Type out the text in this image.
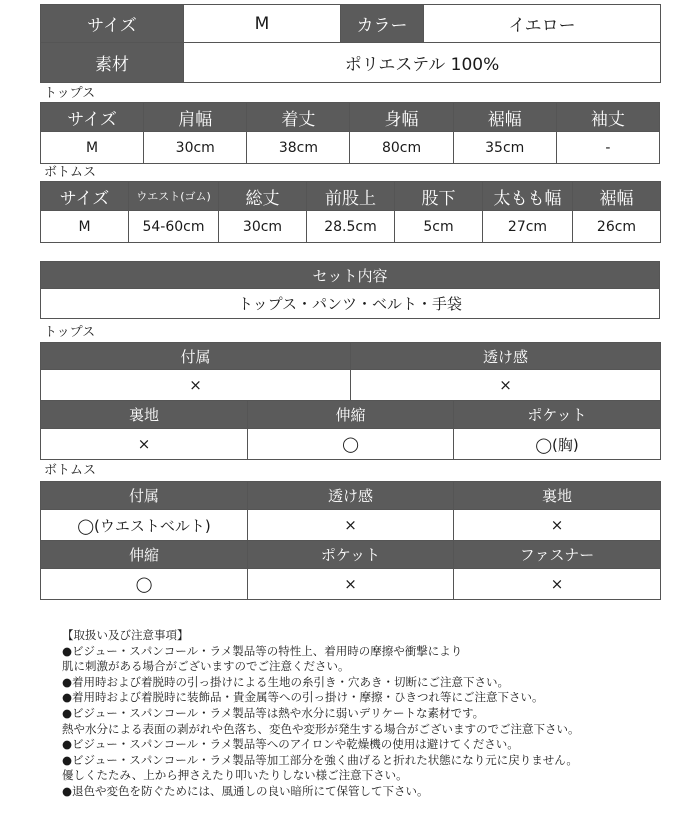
サイズ	M	カラー	イエロー
素材	ポリエステル 100%		
トップス
サイズ	肩幅	着丈	身幅	裾幅	袖丈
M	30cm	38cm	80cm	35cm	-
ボトムス
サイズ	ウエスト(ゴム)	総丈	前股上	股下	太もも幅	裾幅
M	54-60cm	30cm	28.5cm	5cm	27cm	26cm
セット内容
トップス・パンツ・ベルト・手袋
トップス
付属	透け感
×	×
裏地	伸縮	ポケット
×	◯	◯(胸)
ボトムス
付属	透け感	裏地
◯(ウエストベルト)	×	×
伸縮	ポケット	ファスナー
◯	×	×
【取扱い及び注意事項】
●ビジュー・スパンコール・ラメ製品等の特性上、着用時の摩擦や衝撃により
肌に刺激がある場合がございますのでご注意ください。
●着用時および着脱時の引っ掛けによる生地の糸引き・穴あき・切断にご注意下さい。
●着用時および着脱時に装飾品・貴金属等への引っ掛け・摩擦・ひきつれ等にご注意下さい。
●ビジュー・スパンコール・ラメ製品等は熱や水分に弱いデリケートな素材です。
熱や水分による表面の剥がれや色落ち、変色や変形が発生する場合がございますのでご注意下さい。
●ビジュー・スパンコール・ラメ製品等へのアイロンや乾燥機の使用は避けてください。
●ビジュー・スパンコール・ラメ製品等加工部分を強く曲げると折れた状態になり元に戻りません。
優しくたたみ、上から押さえたり叩いたりしない様ご注意下さい。
●退色や変色を防ぐためには、風通しの良い暗所にて保管して下さい。
